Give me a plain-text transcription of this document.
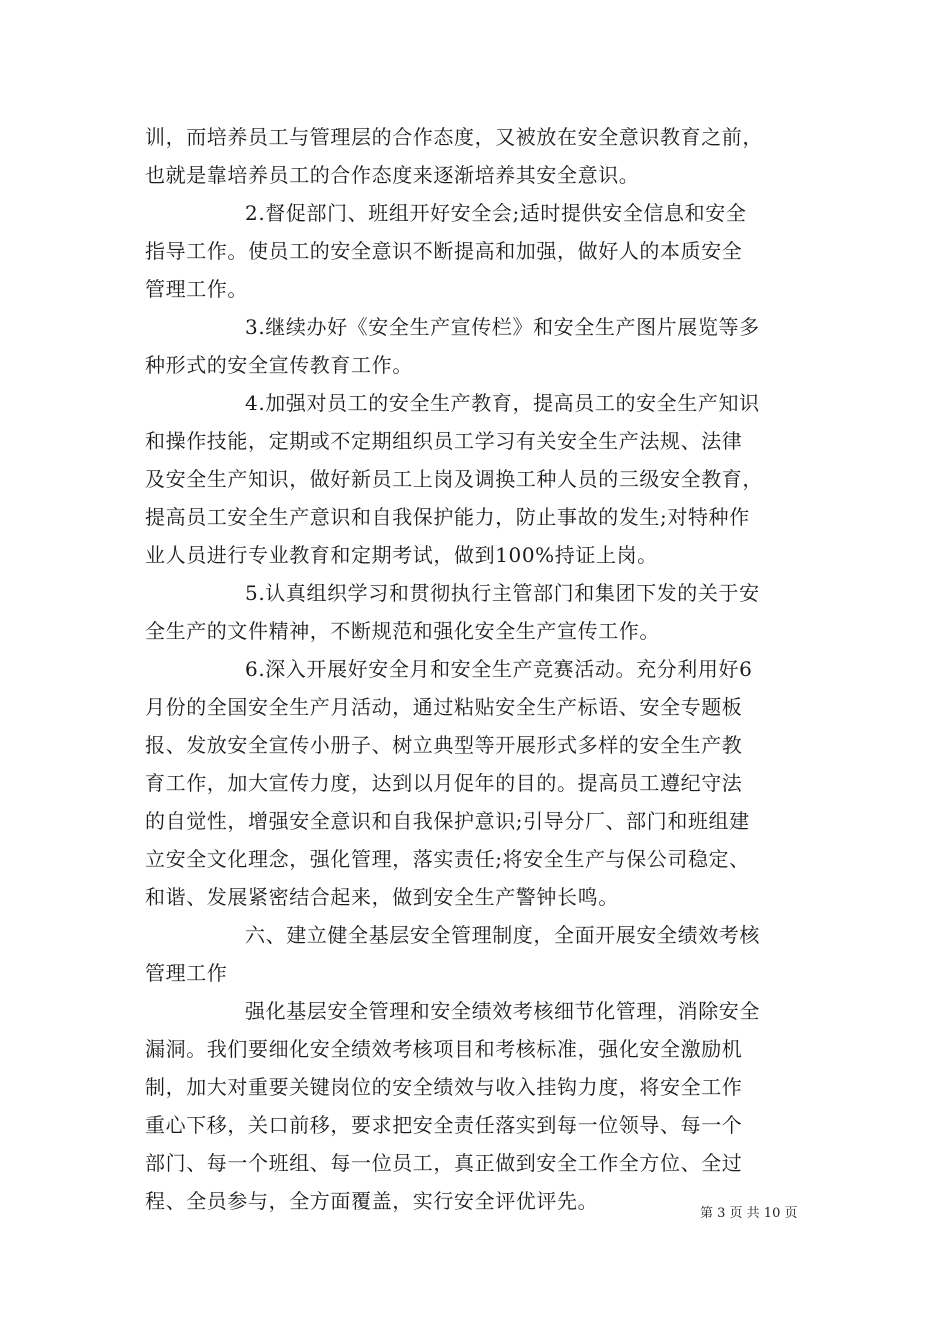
训，而培养员工与管理层的合作态度，又被放在安全意识教育之前，
也就是靠培养员工的合作态度来逐渐培养其安全意识。
2.督促部门、班组开好安全会;适时提供安全信息和安全
指导工作。使员工的安全意识不断提高和加强，做好人的本质安全
管理工作。
3.继续办好《安全生产宣传栏》和安全生产图片展览等多
种形式的安全宣传教育工作。
4.加强对员工的安全生产教育，提高员工的安全生产知识
和操作技能，定期或不定期组织员工学习有关安全生产法规、法律
及安全生产知识，做好新员工上岗及调换工种人员的三级安全教育，
提高员工安全生产意识和自我保护能力，防止事故的发生;对特种作
业人员进行专业教育和定期考试，做到100%持证上岗。
5.认真组织学习和贯彻执行主管部门和集团下发的关于安
全生产的文件精神，不断规范和强化安全生产宣传工作。
6.深入开展好安全月和安全生产竞赛活动。充分利用好6
月份的全国安全生产月活动，通过粘贴安全生产标语、安全专题板
报、发放安全宣传小册子、树立典型等开展形式多样的安全生产教
育工作，加大宣传力度，达到以月促年的目的。提高员工遵纪守法
的自觉性，增强安全意识和自我保护意识;引导分厂、部门和班组建
立安全文化理念，强化管理，落实责任;将安全生产与保公司稳定、
和谐、发展紧密结合起来，做到安全生产警钟长鸣。
六、建立健全基层安全管理制度，全面开展安全绩效考核
管理工作
强化基层安全管理和安全绩效考核细节化管理，消除安全
漏洞。我们要细化安全绩效考核项目和考核标准，强化安全激励机
制，加大对重要关键岗位的安全绩效与收入挂钩力度，将安全工作
重心下移，关口前移，要求把安全责任落实到每一位领导、每一个
部门、每一个班组、每一位员工，真正做到安全工作全方位、全过
程、全员参与，全方面覆盖，实行安全评优评先。
第 3 页 共 10 页
